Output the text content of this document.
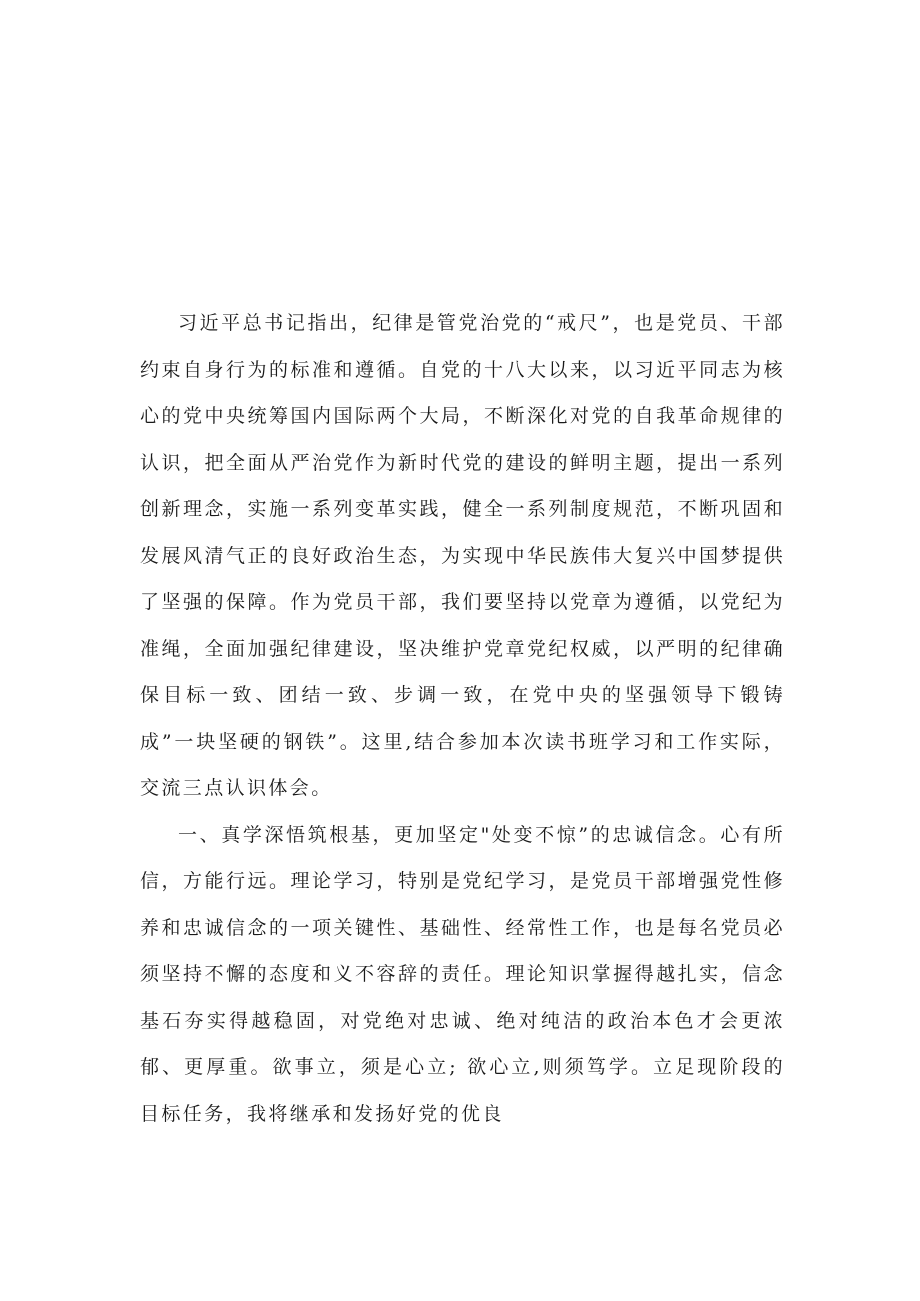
习近平总书记指出，纪律是管党治党的“戒尺”，也是党员、干部约束自身行为的标准和遵循。自党的十八大以来，以习近平同志为核心的党中央统筹国内国际两个大局，不断深化对党的自我革命规律的认识，把全面从严治党作为新时代党的建设的鲜明主题，提出一系列创新理念，实施一系列变革实践，健全一系列制度规范，不断巩固和发展风清气正的良好政治生态，为实现中华民族伟大复兴中国梦提供了坚强的保障。作为党员干部，我们要坚持以党章为遵循，以党纪为准绳，全面加强纪律建设，坚决维护党章党纪权威，以严明的纪律确保目标一致、团结一致、步调一致，在党中央的坚强领导下锻铸成”一块坚硬的钢铁”。这里,结合参加本次读书班学习和工作实际，交流三点认识体会。

一、真学深悟筑根基，更加坚定"处变不惊”的忠诚信念。心有所信，方能行远。理论学习，特别是党纪学习，是党员干部增强党性修养和忠诚信念的一项关键性、基础性、经常性工作，也是每名党员必须坚持不懈的态度和义不容辞的责任。理论知识掌握得越扎实，信念基石夯实得越稳固，对党绝对忠诚、绝对纯洁的政治本色才会更浓郁、更厚重。欲事立，须是心立; 欲心立,则须笃学。立足现阶段的目标任务，我将继承和发扬好党的优良
